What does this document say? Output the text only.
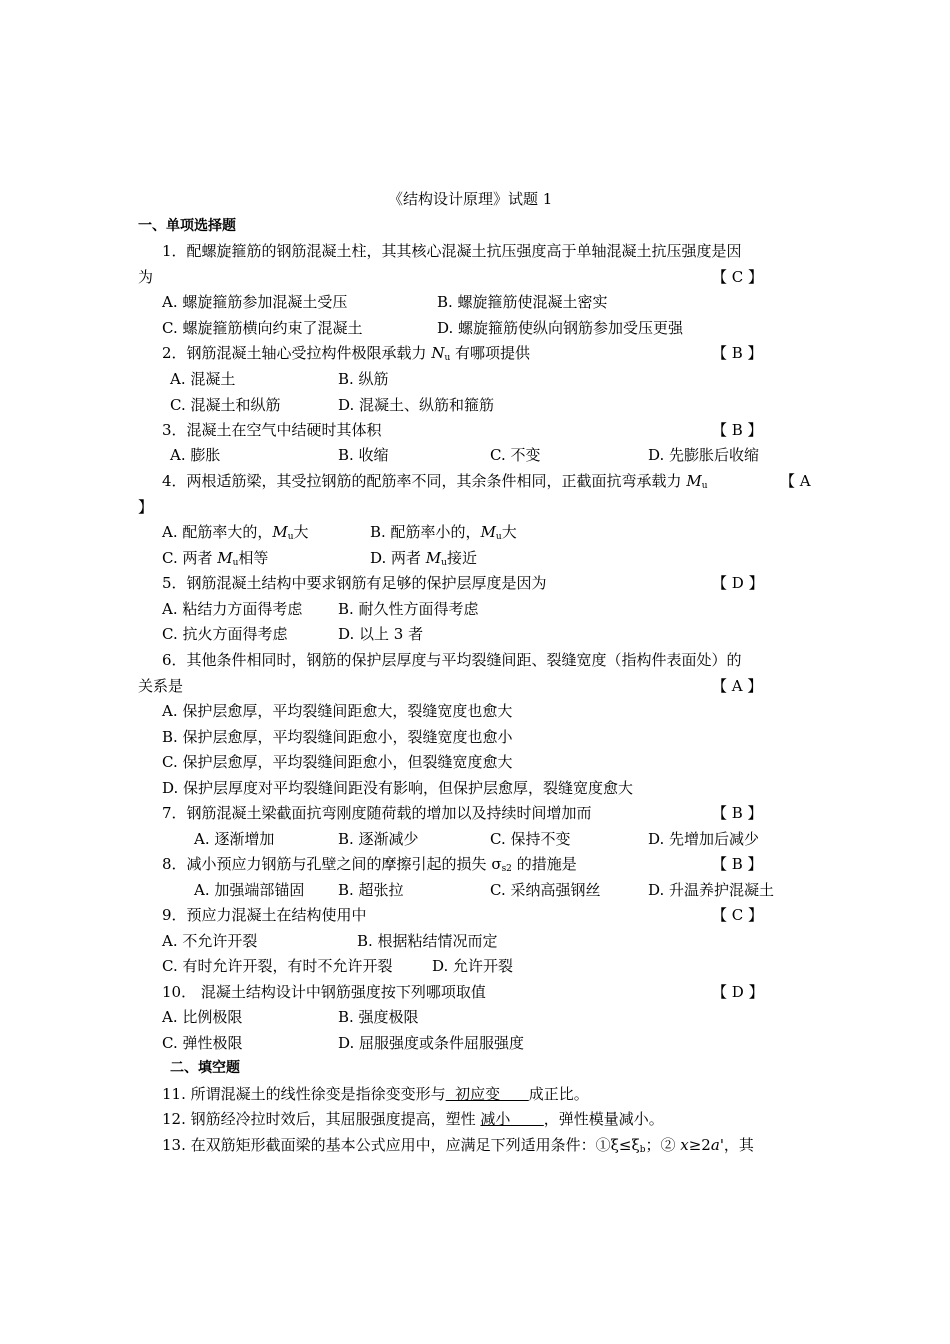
《结构设计原理》试题 1
一、单项选择题
1．配螺旋箍筋的钢筋混凝土柱，其其核心混凝土抗压强度高于单轴混凝土抗压强度是因
为	【 C 】
A. 螺旋箍筋参加混凝土受压	B. 螺旋箍筋使混凝土密实
C. 螺旋箍筋横向约束了混凝土	D. 螺旋箍筋使纵向钢筋参加受压更强
2．钢筋混凝土轴心受拉构件极限承载力 $N_u$ 有哪项提供	【 B 】
A. 混凝土	B. 纵筋
C. 混凝土和纵筋	D. 混凝土、纵筋和箍筋
3．混凝土在空气中结硬时其体积	【 B 】
A. 膨胀	B. 收缩	C. 不变	D. 先膨胀后收缩
4．两根适筋梁，其受拉钢筋的配筋率不同，其余条件相同，正截面抗弯承载力 $M_u$	【 A
】
A. 配筋率大的，$M_u$大	B. 配筋率小的，$M_u$大
C. 两者 $M_u$相等	D. 两者 $M_u$接近
5．钢筋混凝土结构中要求钢筋有足够的保护层厚度是因为	【 D 】
A. 粘结力方面得考虑 B. 耐久性方面得考虑
C. 抗火方面得考虑	D. 以上 3 者
6．其他条件相同时，钢筋的保护层厚度与平均裂缝间距、裂缝宽度（指构件表面处）的
关系是	【 A 】
A. 保护层愈厚，平均裂缝间距愈大，裂缝宽度也愈大
B. 保护层愈厚，平均裂缝间距愈小，裂缝宽度也愈小
C. 保护层愈厚，平均裂缝间距愈小，但裂缝宽度愈大
D. 保护层厚度对平均裂缝间距没有影响，但保护层愈厚，裂缝宽度愈大
7．钢筋混凝土梁截面抗弯刚度随荷载的增加以及持续时间增加而	【 B 】
A. 逐渐增加	B. 逐渐减少	C. 保持不变	D. 先增加后减少
8．减小预应力钢筋与孔壁之间的摩擦引起的损失 $\sigma_{s2}$ 的措施是	【 B 】
A. 加强端部锚固 B. 超张拉	C. 采纳高强钢丝	D. 升温养护混凝土
9．预应力混凝土在结构使用中	【 C 】
A. 不允许开裂	B. 根据粘结情况而定
C. 有时允许开裂，有时不允许开裂	D. 允许开裂
10． 混凝土结构设计中钢筋强度按下列哪项取值	【 D 】
A. 比例极限	B. 强度极限
C. 弹性极限	D. 屈服强度或条件屈服强度
二、填空题
11. 所谓混凝土的线性徐变是指徐变变形与  初应变      成正比。
12. 钢筋经冷拉时效后，其屈服强度提高，塑性 减小       ，弹性模量减小。
13. 在双筋矩形截面梁的基本公式应用中，应满足下列适用条件：$①\xi\le\xi_b$；② x≥2a'，其
